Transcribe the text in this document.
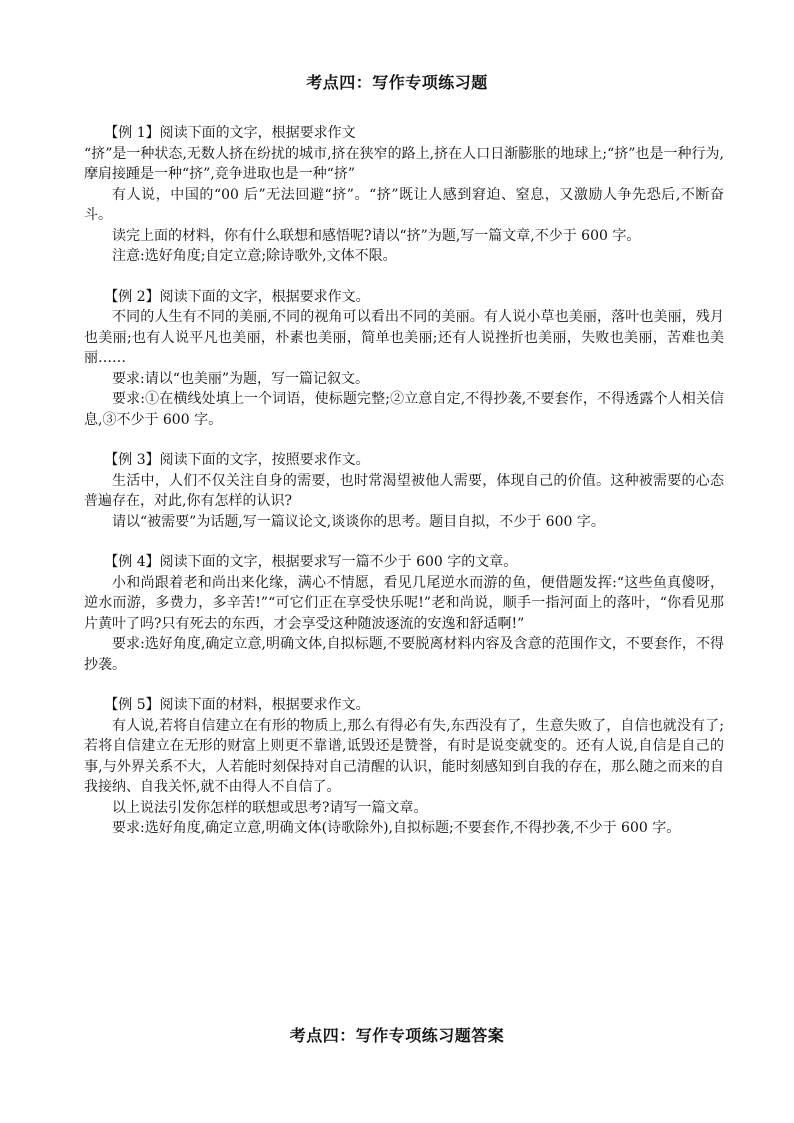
考点四：写作专项练习题

【例 1】阅读下面的文字，根据要求作文

“挤”是一种状态,无数人挤在纷扰的城市,挤在狭窄的路上,挤在人口日渐膨胀的地球上;“挤”也是一种行为,摩肩接踵是一种“挤”,竞争进取也是一种“挤”

有人说，中国的“00 后”无法回避“挤”。“挤”既让人感到窘迫、窒息，又激励人争先恐后,不断奋斗。

读完上面的材料，你有什么联想和感悟呢?请以“挤”为题,写一篇文章,不少于 600 字。

注意:选好角度;自定立意;除诗歌外,文体不限。

【例 2】阅读下面的文字，根据要求作文。

不同的人生有不同的美丽,不同的视角可以看出不同的美丽。有人说小草也美丽，落叶也美丽，残月也美丽;也有人说平凡也美丽，朴素也美丽，简单也美丽;还有人说挫折也美丽，失败也美丽，苦难也美丽……

要求:请以“也美丽”为题，写一篇记叙文。

要求:①在横线处填上一个词语，使标题完整;②立意自定,不得抄袭,不要套作，不得透露个人相关信息,③不少于 600 字。

【例 3】阅读下面的文字，按照要求作文。

生活中，人们不仅关注自身的需要，也时常渴望被他人需要，体现自己的价值。这种被需要的心态普遍存在，对此,你有怎样的认识?

请以“被需要”为话题,写一篇议论文,谈谈你的思考。题目自拟，不少于 600 字。

【例 4】阅读下面的文字，根据要求写一篇不少于 600 字的文章。

小和尚跟着老和尚出来化缘，满心不情愿，看见几尾逆水而游的鱼，便借题发挥:“这些鱼真傻呀，逆水而游，多费力，多辛苦!”“可它们正在享受快乐呢!”老和尚说，顺手一指河面上的落叶，“你看见那片黄叶了吗?只有死去的东西，才会享受这种随波逐流的安逸和舒适啊!”

要求:选好角度,确定立意,明确文体,自拟标题,不要脱离材料内容及含意的范围作文，不要套作，不得抄袭。

【例 5】阅读下面的材料，根据要求作文。

有人说,若将自信建立在有形的物质上,那么有得必有失,东西没有了，生意失败了，自信也就没有了;若将自信建立在无形的财富上则更不靠谱,诋毁还是赞誉，有时是说变就变的。还有人说,自信是自己的事,与外界关系不大，人若能时刻保持对自己清醒的认识，能时刻感知到自我的存在，那么随之而来的自我接纳、自我关怀,就不由得人不自信了。

以上说法引发你怎样的联想或思考?请写一篇文章。

要求:选好角度,确定立意,明确文体(诗歌除外),自拟标题;不要套作,不得抄袭,不少于 600 字。

考点四：写作专项练习题答案
